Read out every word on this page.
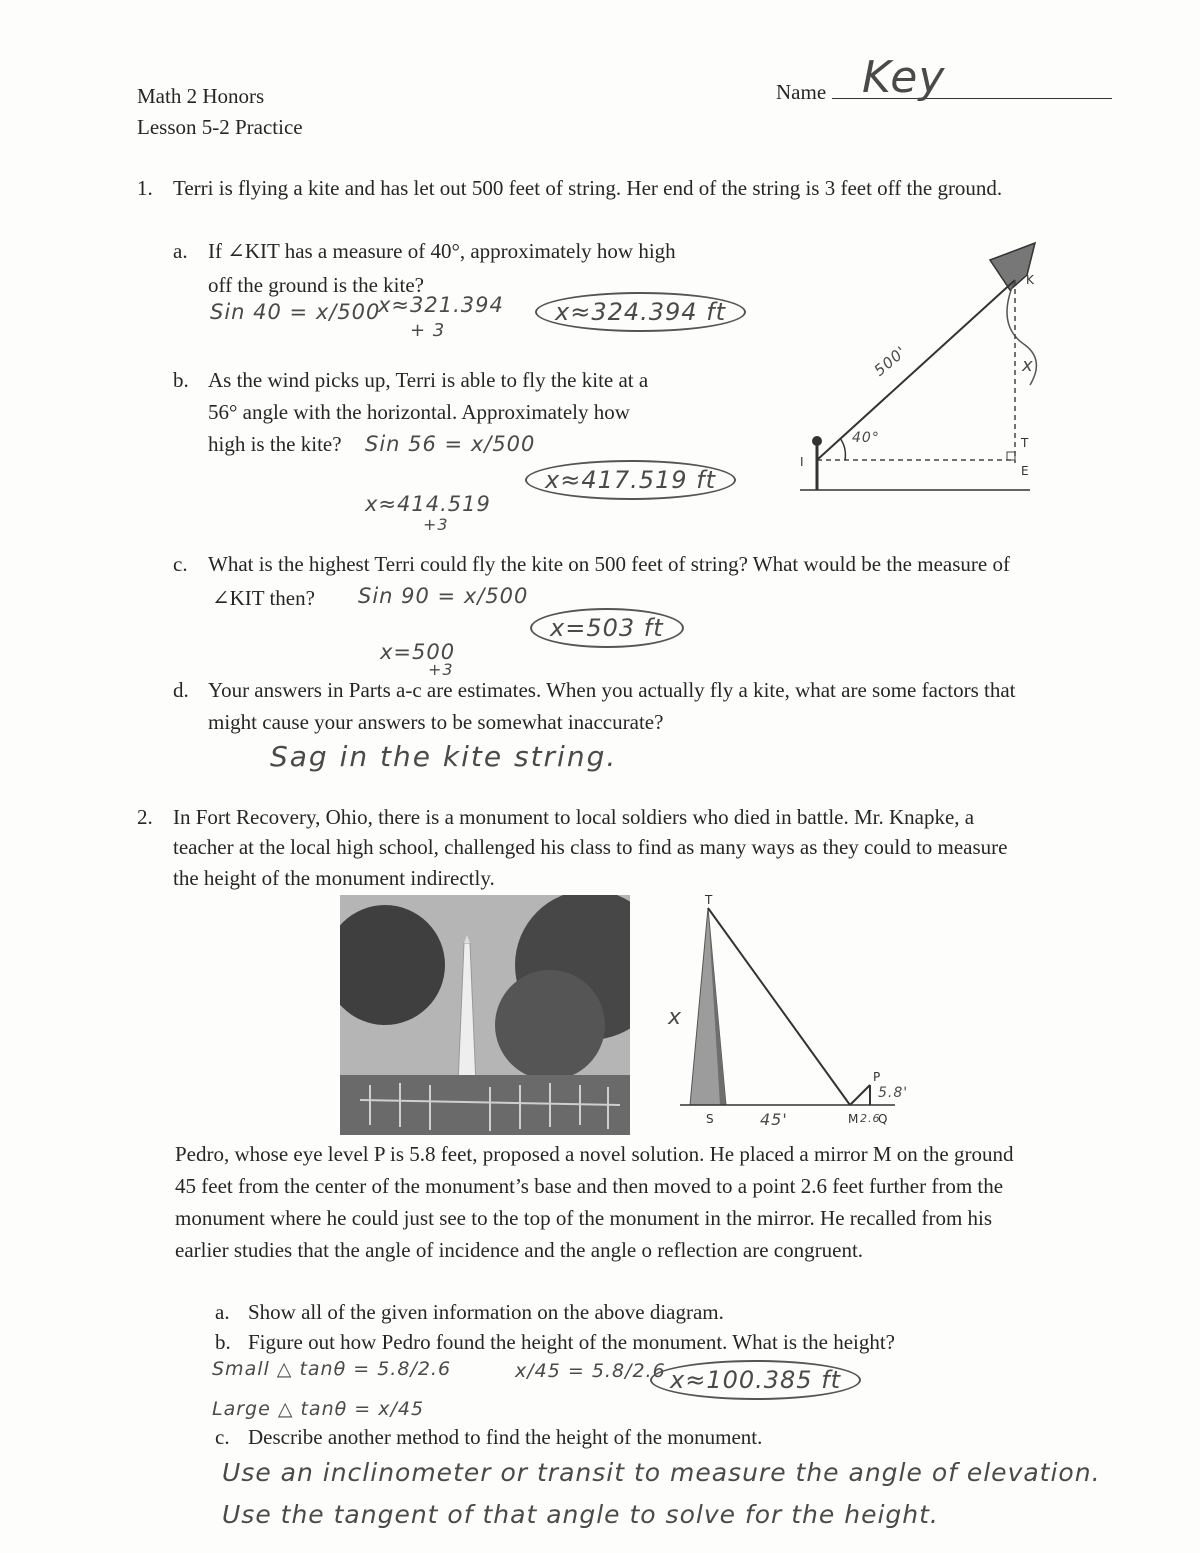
Math 2 Honors
Lesson 5-2 Practice
Name Key
1. Terri is flying a kite and has let out 500 feet of string. Her end of the string is 3 feet off the ground.
a. If ∠KIT has a measure of 40°, approximately how high
off the ground is the kite?
Sin 40 = x/500
x≈321.394
+ 3
x≈324.394 ft
b. As the wind picks up, Terri is able to fly the kite at a
56° angle with the horizontal. Approximately how
high is the kite? Sin 56 = x/500
x≈414.519
+3
x≈417.519 ft
K
x
500'
40°	T
E
I
c. What is the highest Terri could fly the kite on 500 feet of string? What would be the measure of
∠KIT then? Sin 90 = x/500
x=500
+3
x=503 ft
d. Your answers in Parts a-c are estimates. When you actually fly a kite, what are some factors that
might cause your answers to be somewhat inaccurate?
Sag in the kite string.
2. In Fort Recovery, Ohio, there is a monument to local soldiers who died in battle. Mr. Knapke, a
teacher at the local high school, challenged his class to find as many ways as they could to measure
the height of the monument indirectly.
T
x
P
5.8'
S	45'	M 2.6
Q
Pedro, whose eye level P is 5.8 feet, proposed a novel solution. He placed a mirror M on the ground
45 feet from the center of the monument’s base and then moved to a point 2.6 feet further from the
monument where he could just see to the top of the monument in the mirror. He recalled from his
earlier studies that the angle of incidence and the angle o reflection are congruent.
a. Show all of the given information on the above diagram.
b. Figure out how Pedro found the height of the monument. What is the height?
Small △ tanθ = 5.8/2.6
Large △ tanθ = x/45
x/45 = 5.8/2.6 x≈100.385 ft
c. Describe another method to find the height of the monument.
Use an inclinometer or transit to measure the angle of elevation.
Use the tangent of that angle to solve for the height.
